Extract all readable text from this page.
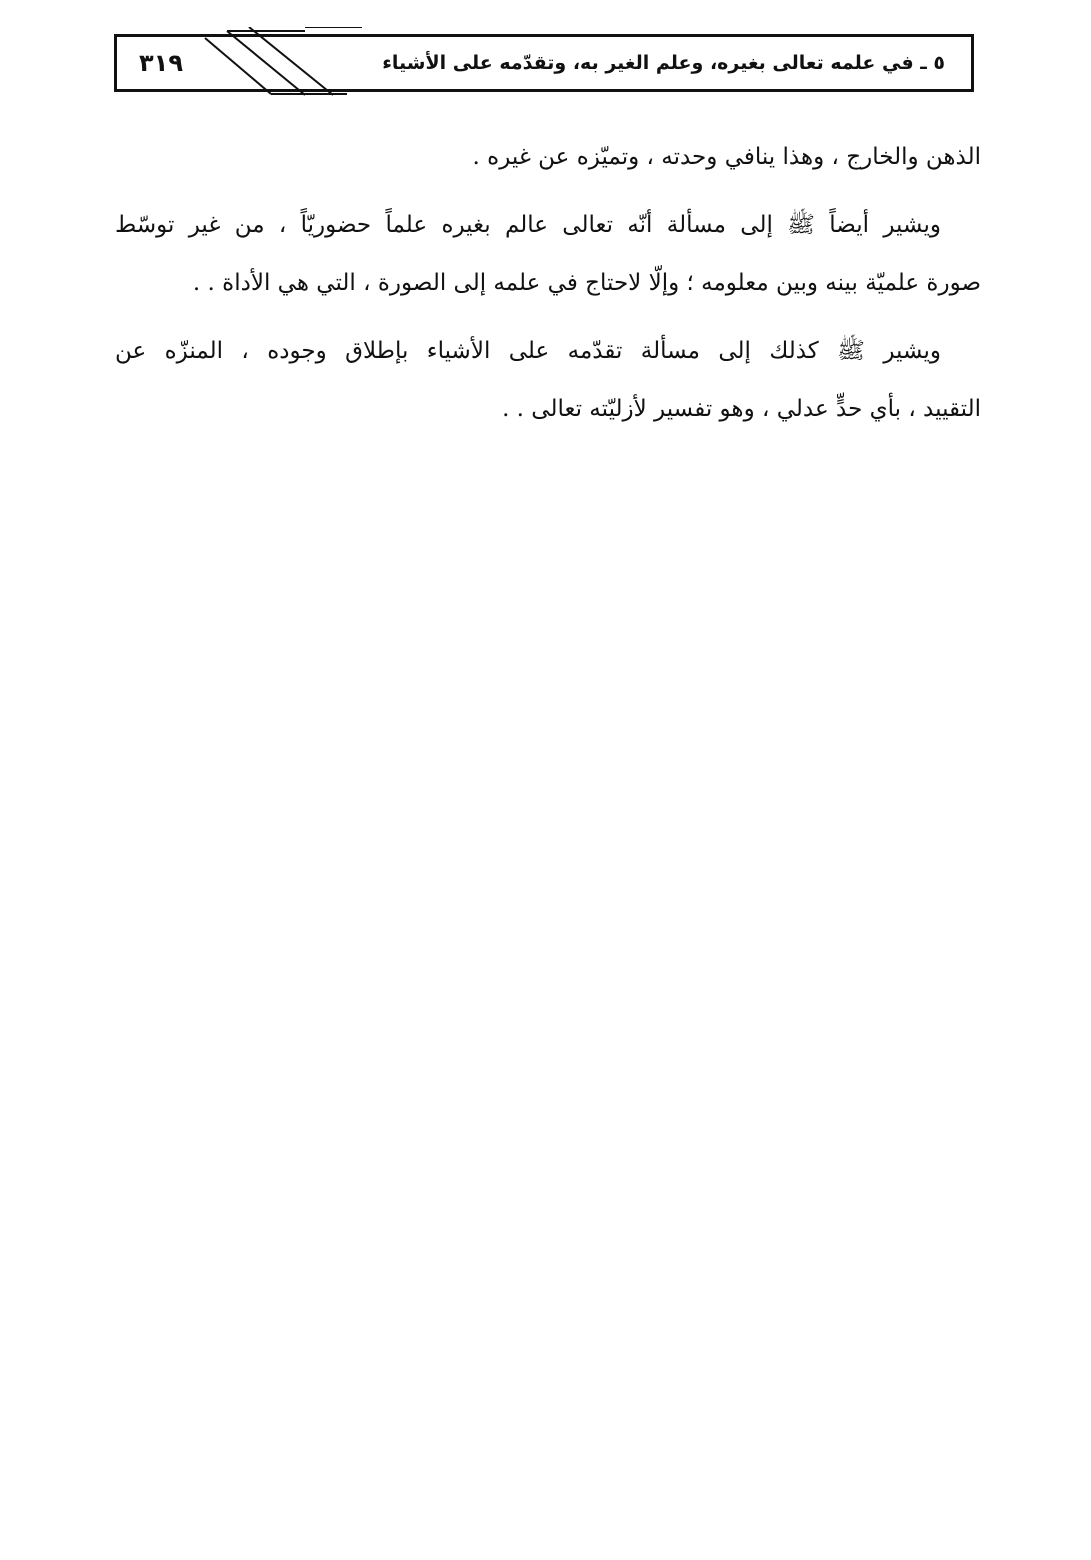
٣١٩	٥ ـ في علمه تعالى بغيره، وعلم الغير به، وتقدّمه على الأشياء
الذهن والخارج ، وهذا ينافي وحدته ، وتميّزه عن غيره .
ويشير أيضاً ﷺ إلى مسألة أنّه تعالى عالم بغيره علماً حضوريّاً ، من غير توسّط
صورة علميّة بينه وبين معلومه ؛ وإلّا لاحتاج في علمه إلى الصورة ، التي هي الأداة . .
ويشير ﷺ كذلك إلى مسألة تقدّمه على الأشياء بإطلاق وجوده ، المنزّه عن
التقييد ، بأي حدٍّ عدلي ، وهو تفسير لأزليّته تعالى . .
